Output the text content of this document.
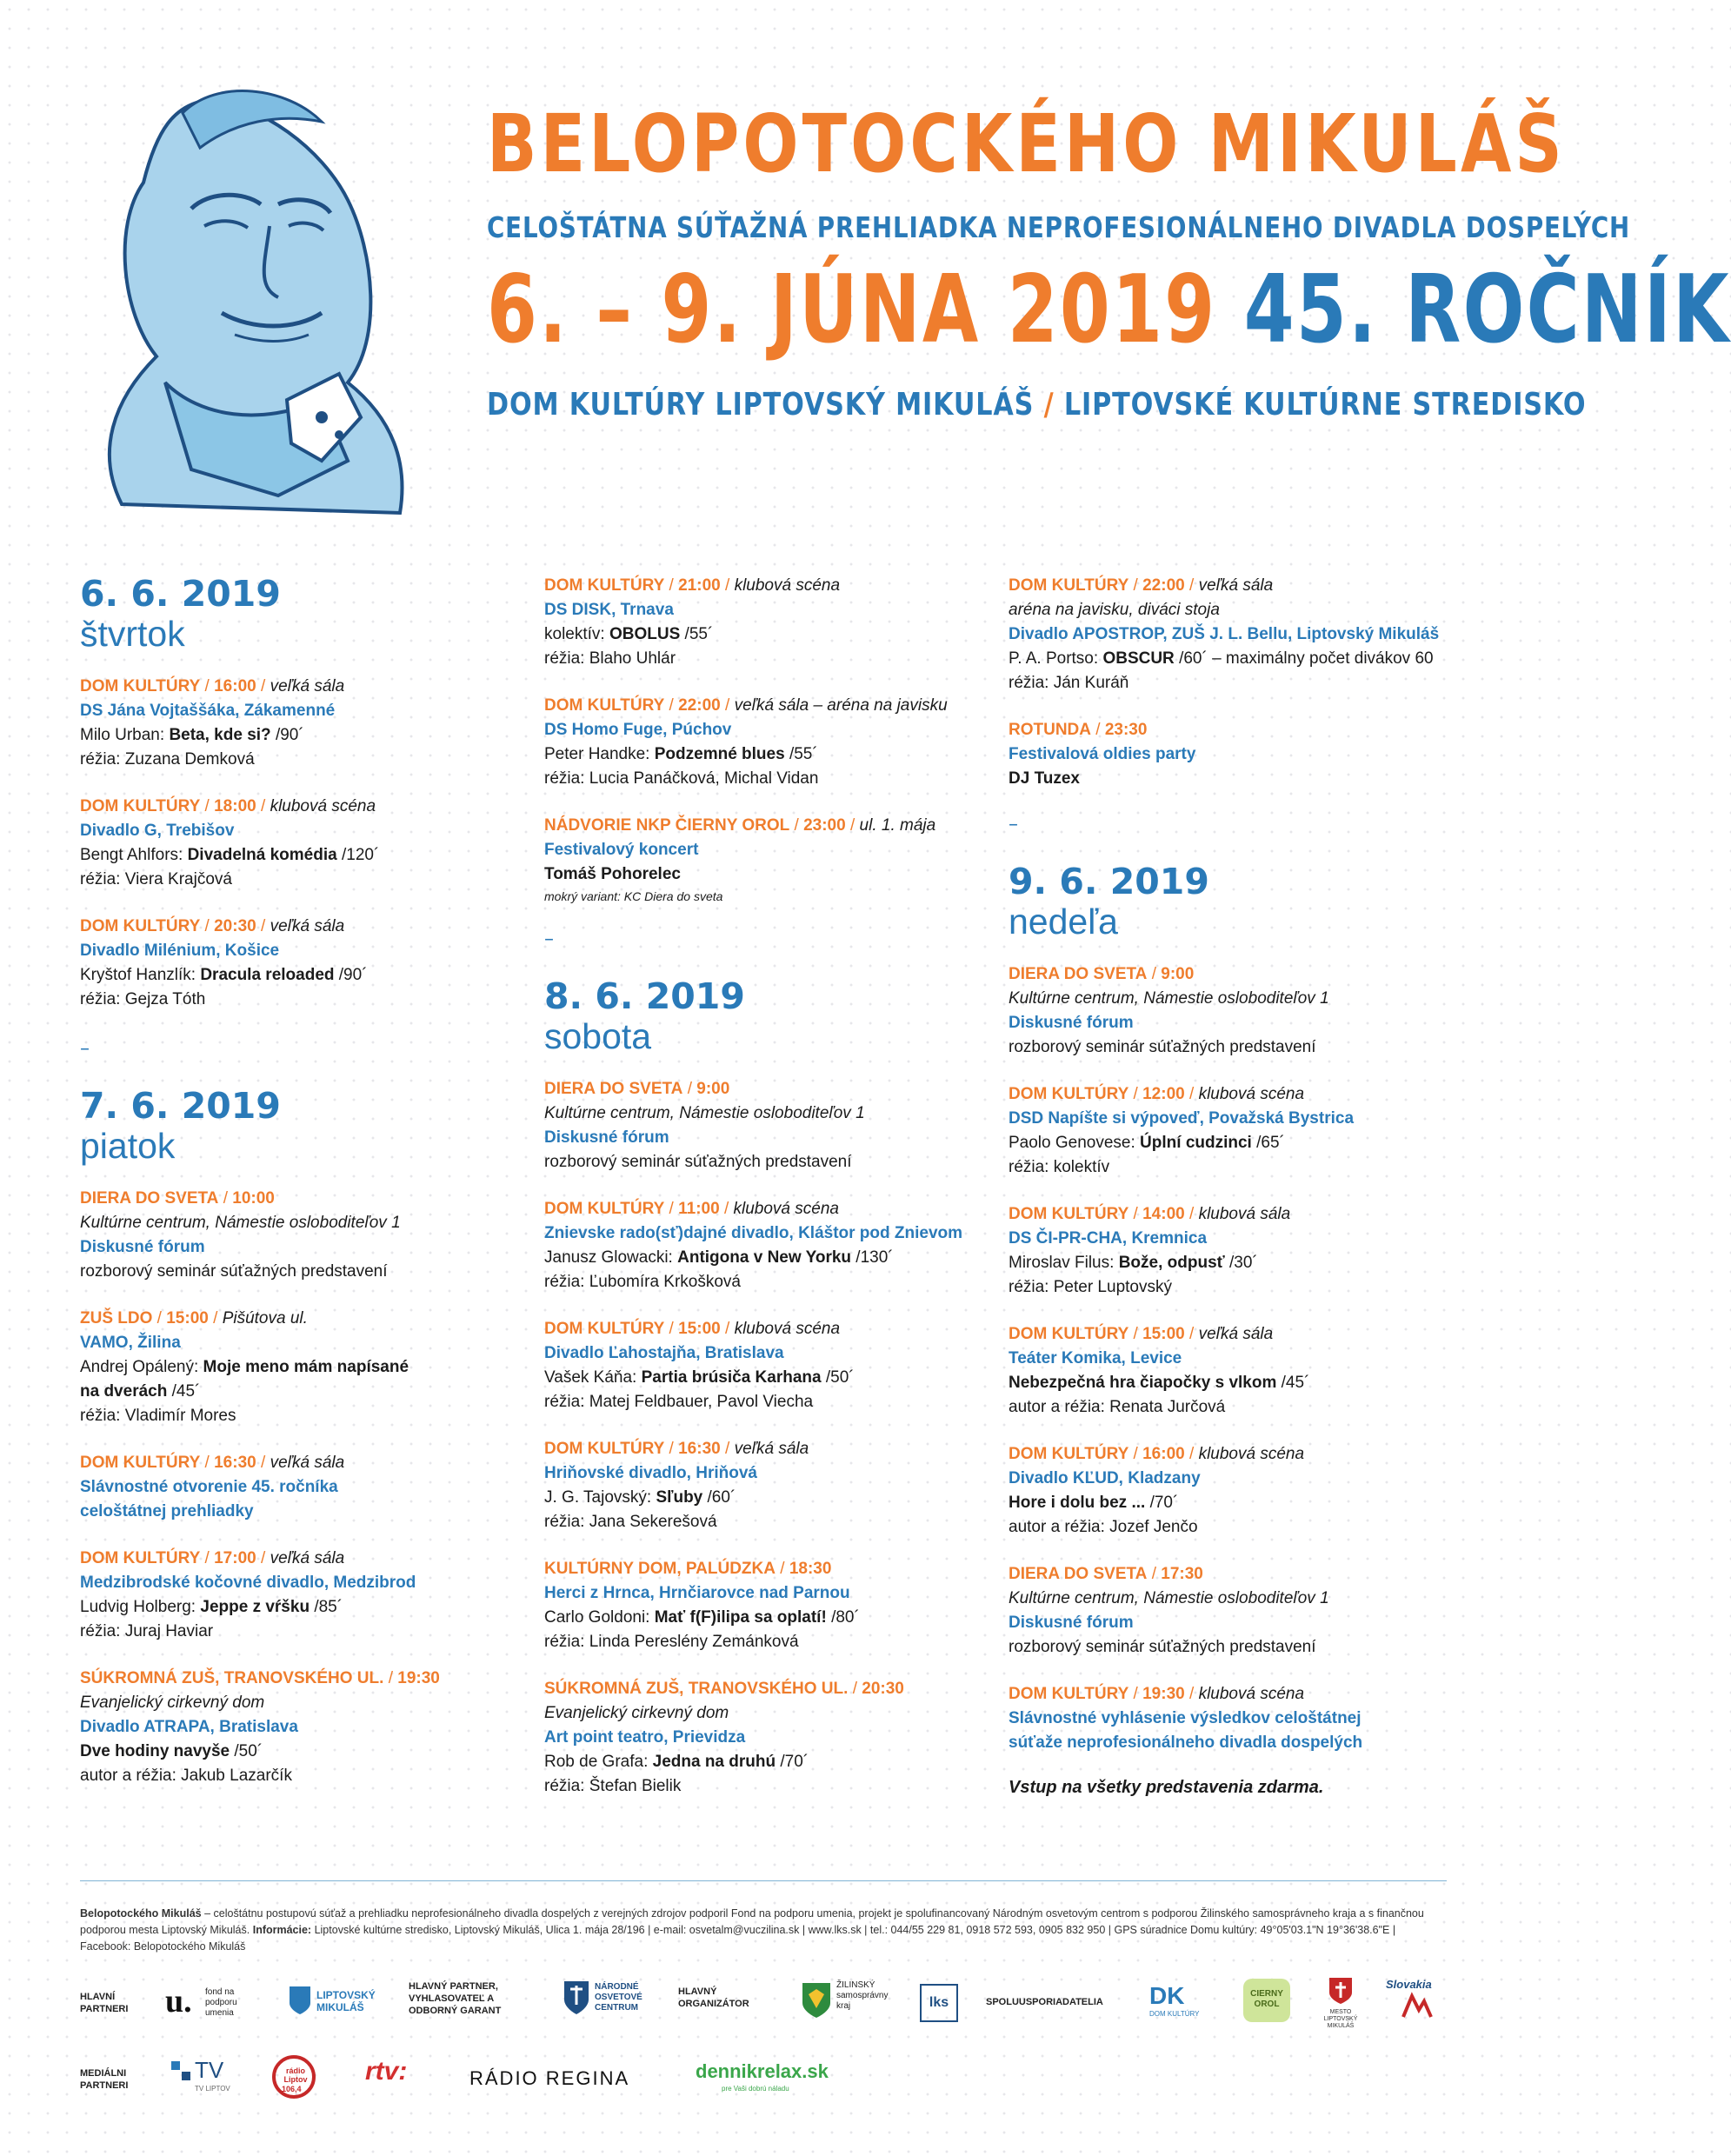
BELOPOTOCKÉHO MIKULÁŠ
CELOŠTÁTNA SÚŤAŽNÁ PREHLIADKA NEPROFESIONÁLNEHO DIVADLA DOSPELÝCH
6. – 9. JÚNA 2019 45. ROČNÍK
DOM KULTÚRY LIPTOVSKÝ MIKULÁŠ / LIPTOVSKÉ KULTÚRNE STREDISKO
6. 6. 2019
štvrtok
DOM KULTÚRY / 16:00 / veľká sála
DS Jána Vojtaššáka, Zákamenné
Milo Urban: Beta, kde si? /90´
réžia: Zuzana Demková
DOM KULTÚRY / 18:00 / klubová scéna
Divadlo G, Trebišov
Bengt Ahlfors: Divadelná komédia /120´
réžia: Viera Krajčová
DOM KULTÚRY / 20:30 / veľká sála
Divadlo Milénium, Košice
Kryštof Hanzlík: Dracula reloaded /90´
réžia: Gejza Tóth
–
7. 6. 2019
piatok
DIERA DO SVETA / 10:00
Kultúrne centrum, Námestie osloboditeľov 1
Diskusné fórum
rozborový seminár súťažných predstavení
ZUŠ LDO / 15:00 / Pišútova ul.
VAMO, Žilina
Andrej Opálený: Moje meno mám napísané
na dverách /45´
réžia: Vladimír Mores
DOM KULTÚRY / 16:30 / veľká sála
Slávnostné otvorenie 45. ročníka
celoštátnej prehliadky
DOM KULTÚRY / 17:00 / veľká sála
Medzibrodské kočovné divadlo, Medzibrod
Ludvig Holberg: Jeppe z vŕšku /85´
réžia: Juraj Haviar
SÚKROMNÁ ZUŠ, TRANOVSKÉHO UL. / 19:30
Evanjelický cirkevný dom
Divadlo ATRAPA, Bratislava
Dve hodiny navyše /50´
autor a réžia: Jakub Lazarčík
DOM KULTÚRY / 21:00 / klubová scéna
DS DISK, Trnava
kolektív: OBOLUS /55´
réžia: Blaho Uhlár
DOM KULTÚRY / 22:00 / veľká sála – aréna na javisku
DS Homo Fuge, Púchov
Peter Handke: Podzemné blues /55´
réžia: Lucia Panáčková, Michal Vidan
NÁDVORIE NKP ČIERNY OROL / 23:00 / ul. 1. mája
Festivalový koncert
Tomáš Pohorelec
mokrý variant: KC Diera do sveta
–
8. 6. 2019
sobota
DIERA DO SVETA / 9:00
Kultúrne centrum, Námestie osloboditeľov 1
Diskusné fórum
rozborový seminár súťažných predstavení
DOM KULTÚRY / 11:00 / klubová scéna
Znievske rado(sť)dajné divadlo, Kláštor pod Znievom
Janusz Glowacki: Antigona v New Yorku /130´
réžia: Ľubomíra Krkošková
DOM KULTÚRY / 15:00 / klubová scéna
Divadlo Ľahostajňa, Bratislava
Vašek Káňa: Partia brúsiča Karhana /50´
réžia: Matej Feldbauer, Pavol Viecha
DOM KULTÚRY / 16:30 / veľká sála
Hriňovské divadlo, Hriňová
J. G. Tajovský: Sľuby /60´
réžia: Jana Sekerešová
KULTÚRNY DOM, PALÚDZKA / 18:30
Herci z Hrnca, Hrnčiarovce nad Parnou
Carlo Goldoni: Mať f(F)ilipa sa oplatí! /80´
réžia: Linda Pereslény Zemánková
SÚKROMNÁ ZUŠ, TRANOVSKÉHO UL. / 20:30
Evanjelický cirkevný dom
Art point teatro, Prievidza
Rob de Grafa: Jedna na druhú /70´
réžia: Štefan Bielik
DOM KULTÚRY / 22:00 / veľká sála
aréna na javisku, diváci stoja
Divadlo APOSTROP, ZUŠ J. L. Bellu, Liptovský Mikuláš
P. A. Portso: OBSCUR /60´ – maximálny počet divákov 60
réžia: Ján Kuráň
ROTUNDA / 23:30
Festivalová oldies party
DJ Tuzex
–
9. 6. 2019
nedeľa
DIERA DO SVETA / 9:00
Kultúrne centrum, Námestie osloboditeľov 1
Diskusné fórum
rozborový seminár súťažných predstavení
DOM KULTÚRY / 12:00 / klubová scéna
DSD Napíšte si výpoveď, Považská Bystrica
Paolo Genovese: Úplní cudzinci /65´
réžia: kolektív
DOM KULTÚRY / 14:00 / klubová sála
DS ČI-PR-CHA, Kremnica
Miroslav Filus: Bože, odpusť /30´
réžia: Peter Luptovský
DOM KULTÚRY / 15:00 / veľká sála
Teáter Komika, Levice
Nebezpečná hra čiapočky s vlkom /45´
autor a réžia: Renata Jurčová
DOM KULTÚRY / 16:00 / klubová scéna
Divadlo KĽUD, Kladzany
Hore i dolu bez ... /70´
autor a réžia: Jozef Jenčo
DIERA DO SVETA / 17:30
Kultúrne centrum, Námestie osloboditeľov 1
Diskusné fórum
rozborový seminár súťažných predstavení
DOM KULTÚRY / 19:30 / klubová scéna
Slávnostné vyhlásenie výsledkov celoštátnej
súťaže neprofesionálneho divadla dospelých
Vstup na všetky predstavenia zdarma.
Belopotockého Mikuláš – celoštátnu postupovú súťaž a prehliadku neprofesionálneho divadla dospelých z verejných zdrojov podporil Fond na podporu umenia, projekt je spolufinancovaný Národným osvetovým centrom s podporou Žilinského samosprávneho kraja a s finančnou podporou mesta Liptovský Mikuláš. Informácie: Liptovské kultúrne stredisko, Liptovský Mikuláš, Ulica 1. mája 28/196 | e-mail: osvetalm@vuczilina.sk | www.lks.sk | tel.: 044/55 229 81, 0918 572 593, 0905 832 950 | GPS súradnice Domu kultúry: 49°05'03.1"N 19°36'38.6"E | Facebook: Belopotockého Mikuláš
HLAVNÍ PARTNERI	u. fond na podporu umenia
LIPTOVSKÝ MIKULÁŠ
HLAVNÝ PARTNER, VYHLASOVATEĽ A ODBORNÝ GARANT
NÁRODNÉ OSVETOVÉ CENTRUM
HLAVNÝ ORGANIZÁTOR
ŽILINSKÝ samosprávny kraj	lks	SPOLUUSPORIADATELIA	DK
DOM KULTÚRY
CIERNY OROL
MESTO LIPTOVSKÝ MIKULÁŠ
Slovakia
MEDIÁLNI PARTNERI
TV
TV LIPTOV
rádio Liptov
106,4
rtv:	RÁDIO REGINA	dennikrelax.sk
pre Vaši dobrú náladu
